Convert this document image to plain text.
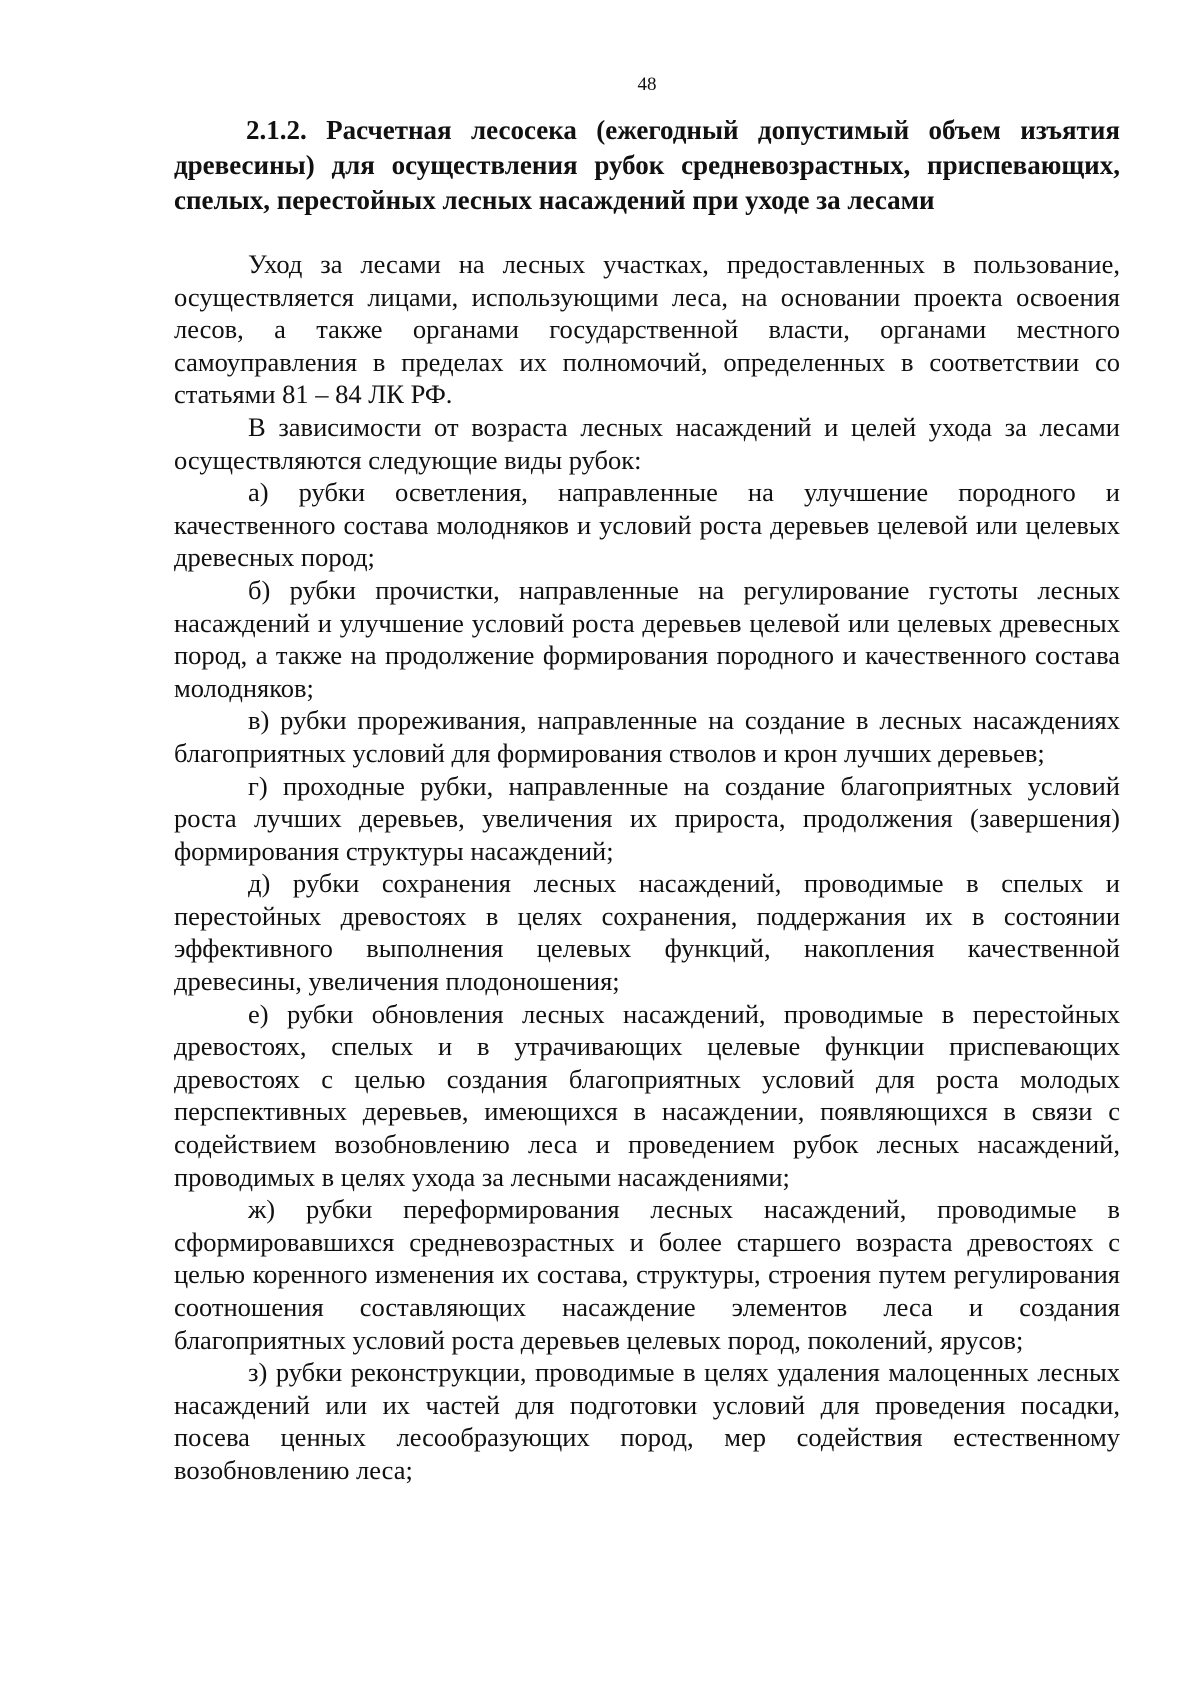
48
2.1.2. Расчетная лесосека (ежегодный допустимый объем изъятия древесины) для осуществления рубок средневозрастных, приспевающих, спелых, перестойных лесных насаждений при уходе за лесами

Уход за лесами на лесных участках, предоставленных в пользование, осуществляется лицами, использующими леса, на основании проекта освоения лесов, а также органами государственной власти, органами местного самоуправления в пределах их полномочий, определенных в соответствии со статьями 81 – 84 ЛК РФ.

В зависимости от возраста лесных насаждений и целей ухода за лесами осуществляются следующие виды рубок:

а) рубки осветления, направленные на улучшение породного и качественного состава молодняков и условий роста деревьев целевой или целевых древесных пород;

б) рубки прочистки, направленные на регулирование густоты лесных насаждений и улучшение условий роста деревьев целевой или целевых древесных пород, а также на продолжение формирования породного и качественного состава молодняков;

в) рубки прореживания, направленные на создание в лесных насаждениях благоприятных условий для формирования стволов и крон лучших деревьев;

г) проходные рубки, направленные на создание благоприятных условий роста лучших деревьев, увеличения их прироста, продолжения (завершения) формирования структуры насаждений;

д) рубки сохранения лесных насаждений, проводимые в спелых и перестойных древостоях в целях сохранения, поддержания их в состоянии эффективного выполнения целевых функций, накопления качественной древесины, увеличения плодоношения;

е) рубки обновления лесных насаждений, проводимые в перестойных древостоях, спелых и в утрачивающих целевые функции приспевающих древостоях с целью создания благоприятных условий для роста молодых перспективных деревьев, имеющихся в насаждении, появляющихся в связи с содействием возобновлению леса и проведением рубок лесных насаждений, проводимых в целях ухода за лесными насаждениями;

ж) рубки переформирования лесных насаждений, проводимые в сформировавшихся средневозрастных и более старшего возраста древостоях с целью коренного изменения их состава, структуры, строения путем регулирования соотношения составляющих насаждение элементов леса и создания благоприятных условий роста деревьев целевых пород, поколений, ярусов;

з) рубки реконструкции, проводимые в целях удаления малоценных лесных насаждений или их частей для подготовки условий для проведения посадки, посева ценных лесообразующих пород, мер содействия естественному возобновлению леса;
